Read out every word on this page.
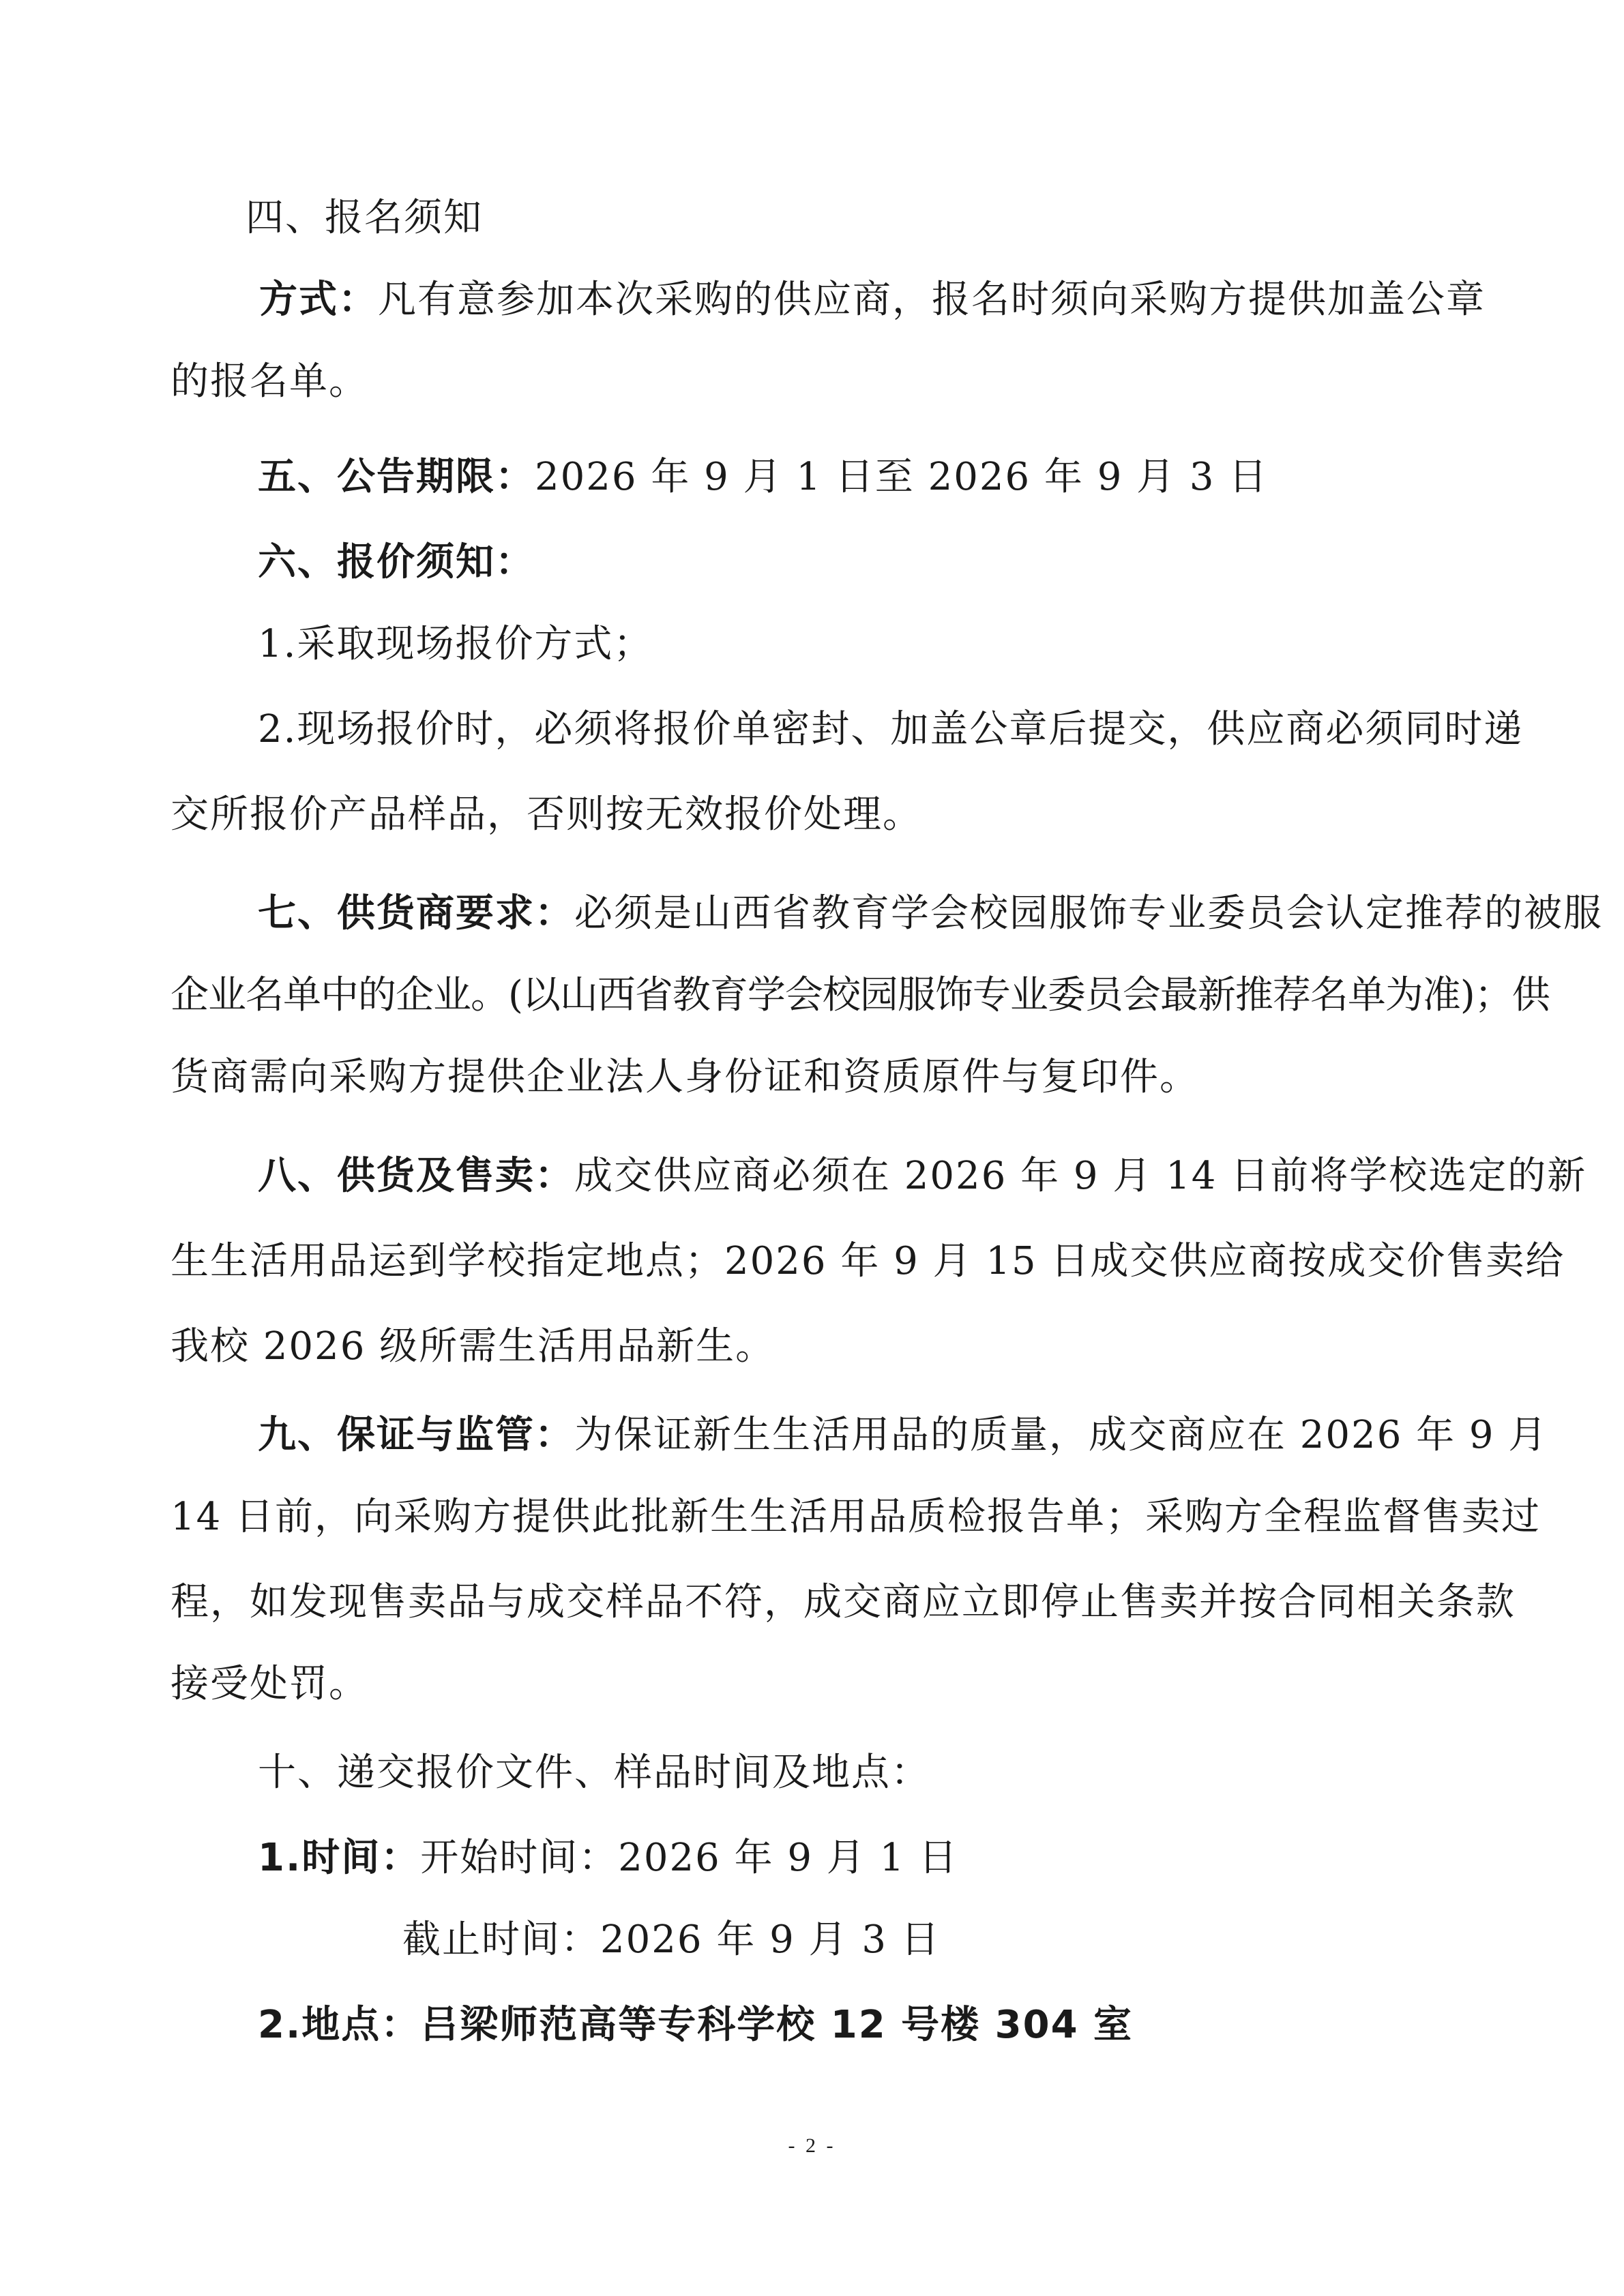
四、报名须知
方式：凡有意参加本次采购的供应商，报名时须向采购方提供加盖公章
的报名单。
五、公告期限：2026 年 9 月 1 日至 2026 年 9 月 3 日
六、报价须知：
1.采取现场报价方式；
2.现场报价时，必须将报价单密封、加盖公章后提交，供应商必须同时递
交所报价产品样品，否则按无效报价处理。
七、供货商要求：必须是山西省教育学会校园服饰专业委员会认定推荐的被服
企业名单中的企业。(以山西省教育学会校园服饰专业委员会最新推荐名单为准)；供
货商需向采购方提供企业法人身份证和资质原件与复印件。
八、供货及售卖：成交供应商必须在 2026 年 9 月 14 日前将学校选定的新
生生活用品运到学校指定地点；2026 年 9 月 15 日成交供应商按成交价售卖给
我校 2026 级所需生活用品新生。
九、保证与监管：为保证新生生活用品的质量，成交商应在 2026 年 9 月
14 日前，向采购方提供此批新生生活用品质检报告单；采购方全程监督售卖过
程，如发现售卖品与成交样品不符，成交商应立即停止售卖并按合同相关条款
接受处罚。
十、递交报价文件、样品时间及地点：
1.时间：开始时间：2026 年 9 月 1 日
截止时间：2026 年 9 月 3 日
2.地点：吕梁师范高等专科学校 12 号楼 304 室
- 2 -
